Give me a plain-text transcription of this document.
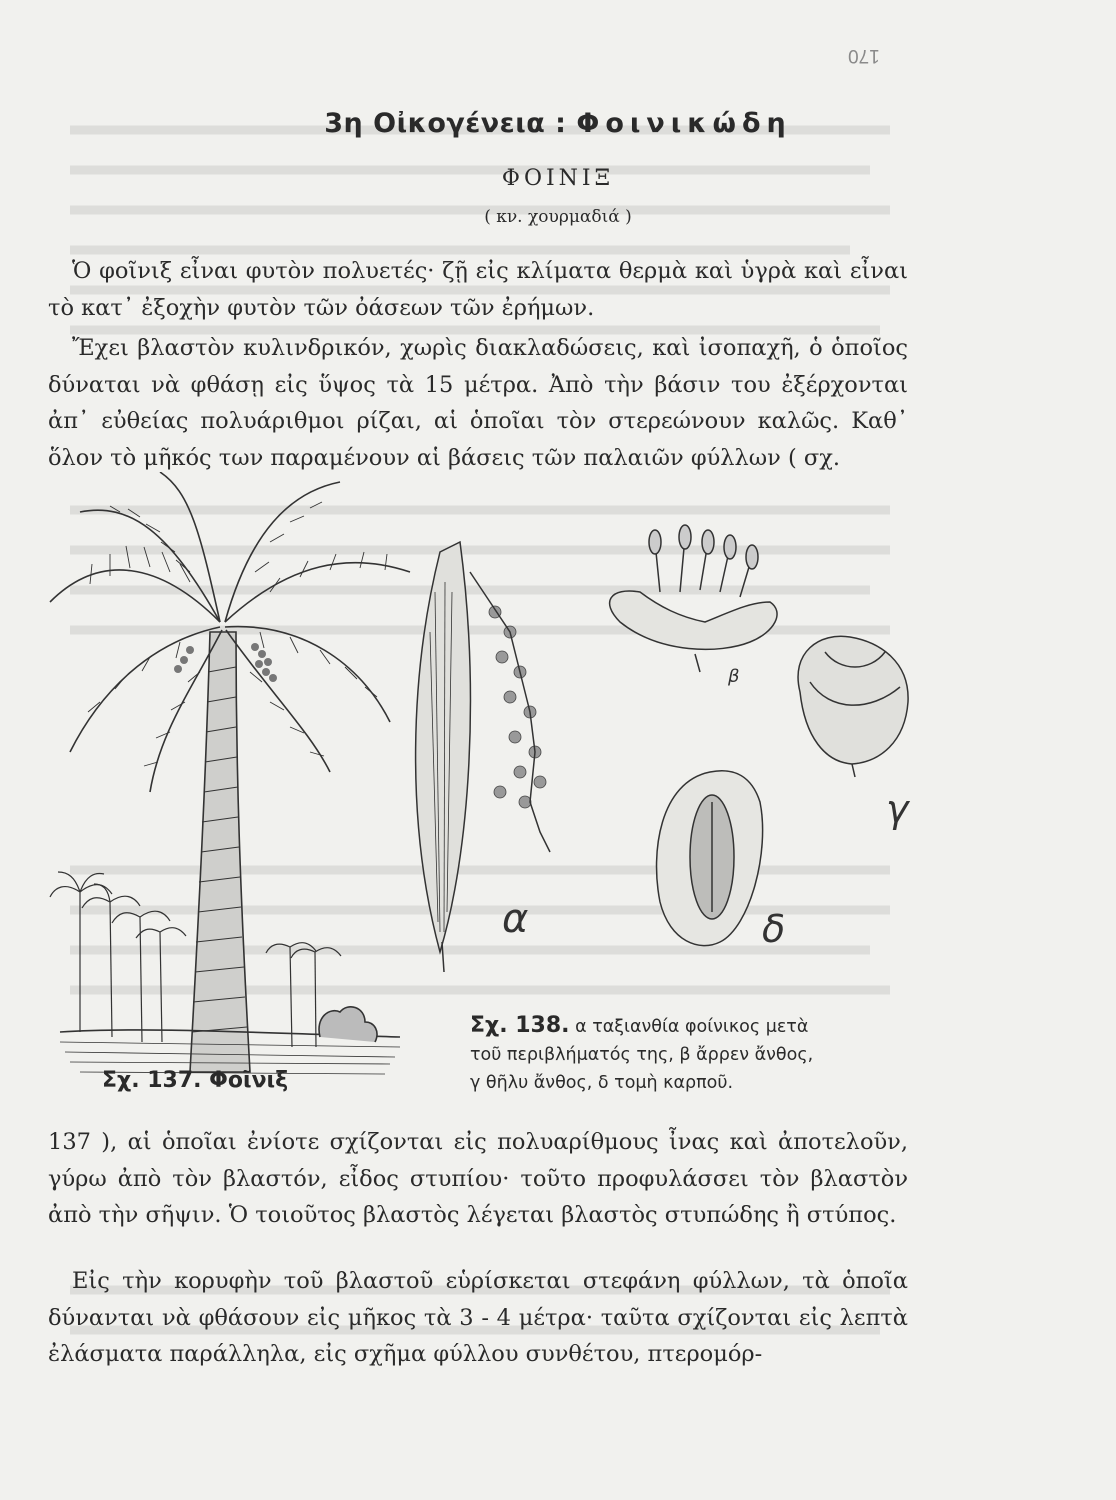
170
3η Οἰκογένεια : Φοινικώδη
ΦΟΙΝΙΞ
( κν. χουρμαδιά )

Ὁ φοῖνιξ εἶναι φυτὸν πολυετές· ζῇ εἰς κλίματα θερμὰ καὶ ὑγρὰ καὶ εἶναι τὸ κατ᾽ ἐξοχὴν φυτὸν τῶν ὀάσεων τῶν ἐρήμων.

Ἔχει βλαστὸν κυλινδρικόν, χωρὶς διακλαδώσεις, καὶ ἰσοπαχῆ, ὁ ὁποῖος δύναται νὰ φθάσῃ εἰς ὕψος τὰ 15 μέτρα. Ἀπὸ τὴν βάσιν του ἐξέρχονται ἀπ᾽ εὐθείας πολυάριθμοι ρίζαι, αἱ ὁποῖαι τὸν στερεώνουν καλῶς. Καθ᾽ ὅλον τὸ μῆκός των παραμένουν αἱ βάσεις τῶν παλαιῶν φύλλων ( σχ.

α
β
γ
δ
Σχ. 137. Φοῖνιξ
Σχ. 138. α ταξιανθία φοίνικος μετὰ
τοῦ περιβλήματός της, β ἄρρεν ἄνθος,
γ θῆλυ ἄνθος, δ τομὴ καρποῦ.

137 ), αἱ ὁποῖαι ἐνίοτε σχίζονται εἰς πολυαρίθμους ἶνας καὶ ἀποτελοῦν, γύρω ἀπὸ τὸν βλαστόν, εἶδος στυπίου· τοῦτο προφυλάσσει τὸν βλαστὸν ἀπὸ τὴν σῆψιν. Ὁ τοιοῦτος βλαστὸς λέγεται βλαστὸς στυπώδης ἢ στύπος.

Εἰς τὴν κορυφὴν τοῦ βλαστοῦ εὑρίσκεται στεφάνη φύλλων, τὰ ὁποῖα δύνανται νὰ φθάσουν εἰς μῆκος τὰ 3 - 4 μέτρα· ταῦτα σχίζονται εἰς λεπτὰ ἐλάσματα παράλληλα, εἰς σχῆμα φύλλου συνθέτου, πτερομόρ-
